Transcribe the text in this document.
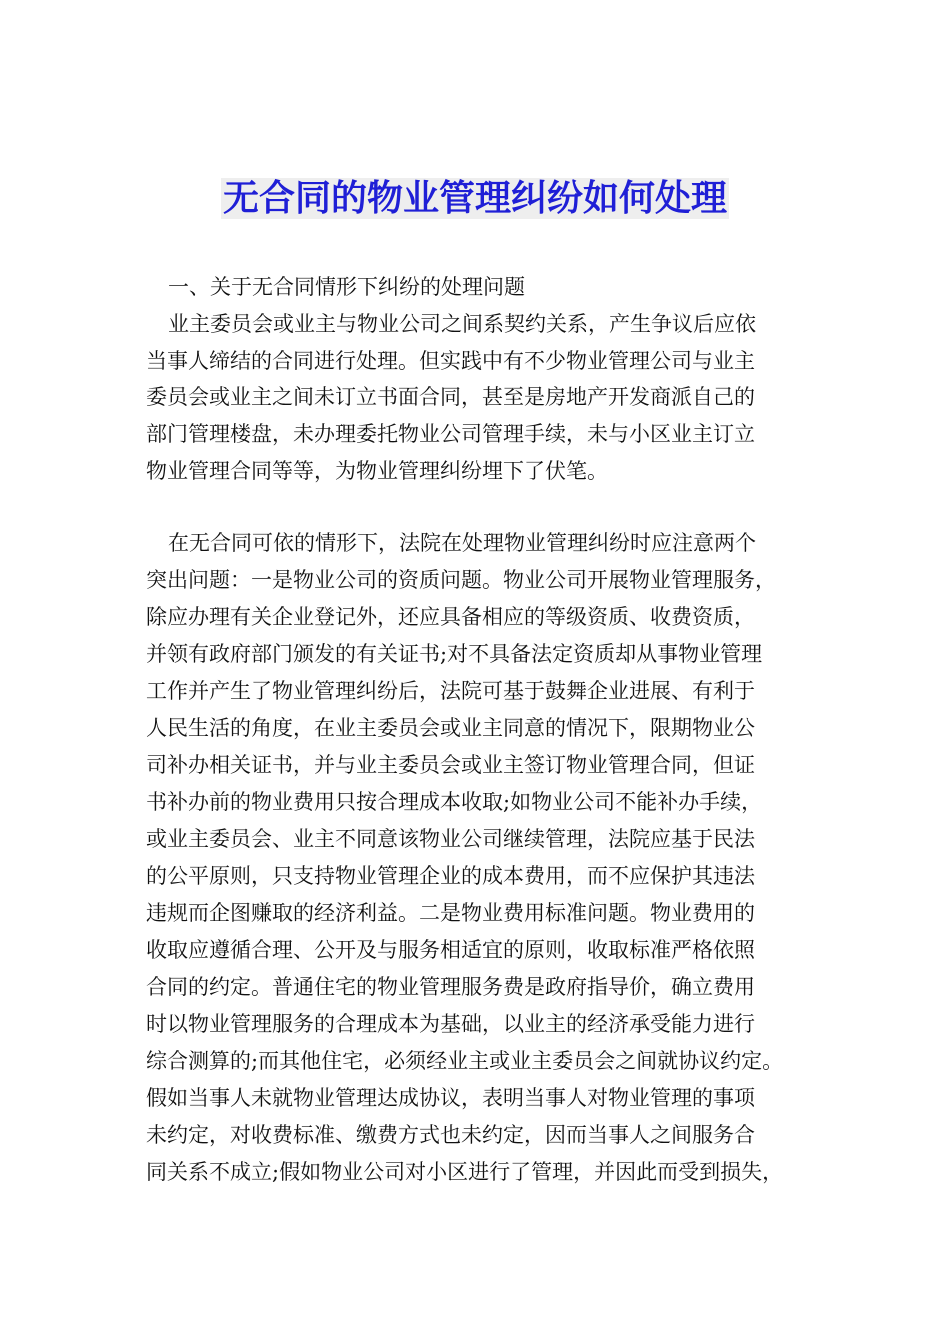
无合同的物业管理纠纷如何处理
一、关于无合同情形下纠纷的处理问题
业主委员会或业主与物业公司之间系契约关系，产生争议后应依
当事人缔结的合同进行处理。但实践中有不少物业管理公司与业主
委员会或业主之间未订立书面合同，甚至是房地产开发商派自己的
部门管理楼盘，未办理委托物业公司管理手续，未与小区业主订立
物业管理合同等等，为物业管理纠纷埋下了伏笔。
在无合同可依的情形下，法院在处理物业管理纠纷时应注意两个
突出问题：一是物业公司的资质问题。物业公司开展物业管理服务，
除应办理有关企业登记外，还应具备相应的等级资质、收费资质，
并领有政府部门颁发的有关证书;对不具备法定资质却从事物业管理
工作并产生了物业管理纠纷后，法院可基于鼓舞企业进展、有利于
人民生活的角度，在业主委员会或业主同意的情况下，限期物业公
司补办相关证书，并与业主委员会或业主签订物业管理合同，但证
书补办前的物业费用只按合理成本收取;如物业公司不能补办手续，
或业主委员会、业主不同意该物业公司继续管理，法院应基于民法
的公平原则，只支持物业管理企业的成本费用，而不应保护其违法
违规而企图赚取的经济利益。二是物业费用标准问题。物业费用的
收取应遵循合理、公开及与服务相适宜的原则，收取标准严格依照
合同的约定。普通住宅的物业管理服务费是政府指导价，确立费用
时以物业管理服务的合理成本为基础，以业主的经济承受能力进行
综合测算的;而其他住宅，必须经业主或业主委员会之间就协议约定。
假如当事人未就物业管理达成协议，表明当事人对物业管理的事项
未约定，对收费标准、缴费方式也未约定，因而当事人之间服务合
同关系不成立;假如物业公司对小区进行了管理，并因此而受到损失，
